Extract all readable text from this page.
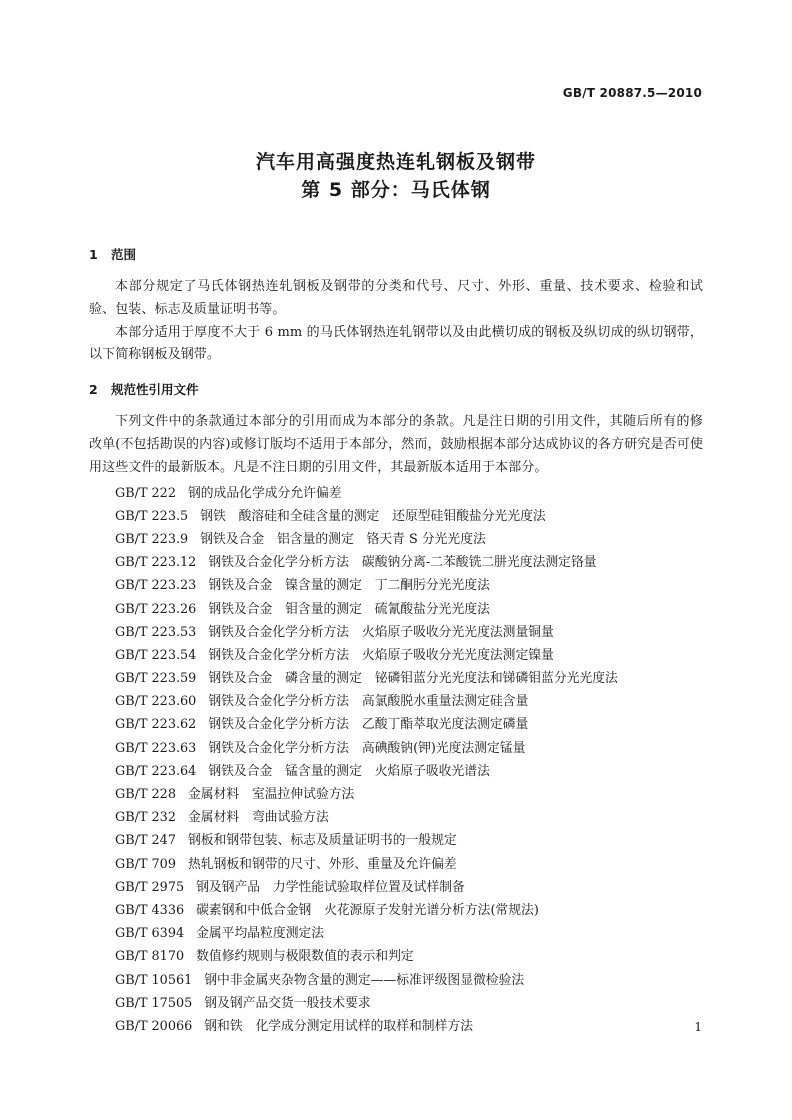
GB/T 20887.5—2010
汽车用高强度热连轧钢板及钢带
第 5 部分：马氏体钢
1 范围
本部分规定了马氏体钢热连轧钢板及钢带的分类和代号、尺寸、外形、重量、技术要求、检验和试验、包装、标志及质量证明书等。
本部分适用于厚度不大于 6 mm 的马氏体钢热连轧钢带以及由此横切成的钢板及纵切成的纵切钢带，以下简称钢板及钢带。
2 规范性引用文件
下列文件中的条款通过本部分的引用而成为本部分的条款。凡是注日期的引用文件，其随后所有的修改单(不包括勘误的内容)或修订版均不适用于本部分，然而，鼓励根据本部分达成协议的各方研究是否可使用这些文件的最新版本。凡是不注日期的引用文件，其最新版本适用于本部分。
GB/T 222 钢的成品化学成分允许偏差
GB/T 223.5 钢铁　酸溶硅和全硅含量的测定　还原型硅钼酸盐分光光度法
GB/T 223.9 钢铁及合金　铝含量的测定　铬天青 S 分光光度法
GB/T 223.12 钢铁及合金化学分析方法　碳酸钠分离-二苯酸铣二肼光度法测定铬量
GB/T 223.23 钢铁及合金　镍含量的测定　丁二酮肟分光光度法
GB/T 223.26 钢铁及合金　钼含量的测定　硫氰酸盐分光光度法
GB/T 223.53 钢铁及合金化学分析方法　火焰原子吸收分光光度法测量铜量
GB/T 223.54 钢铁及合金化学分析方法　火焰原子吸收分光光度法测定镍量
GB/T 223.59 钢铁及合金　磷含量的测定　铋磷钼蓝分光光度法和锑磷钼蓝分光光度法
GB/T 223.60 钢铁及合金化学分析方法　高氯酸脱水重量法测定硅含量
GB/T 223.62 钢铁及合金化学分析方法　乙酸丁酯萃取光度法测定磷量
GB/T 223.63 钢铁及合金化学分析方法　高碘酸钠(钾)光度法测定锰量
GB/T 223.64 钢铁及合金　锰含量的测定　火焰原子吸收光谱法
GB/T 228 金属材料　室温拉伸试验方法
GB/T 232 金属材料　弯曲试验方法
GB/T 247 钢板和钢带包装、标志及质量证明书的一般规定
GB/T 709 热轧钢板和钢带的尺寸、外形、重量及允许偏差
GB/T 2975 钢及钢产品　力学性能试验取样位置及试样制备
GB/T 4336 碳素钢和中低合金钢　火花源原子发射光谱分析方法(常规法)
GB/T 6394 金属平均晶粒度测定法
GB/T 8170 数值修约规则与极限数值的表示和判定
GB/T 10561 钢中非金属夹杂物含量的测定——标准评级图显微检验法
GB/T 17505 钢及钢产品交货一般技术要求
GB/T 20066 钢和铁　化学成分测定用试样的取样和制样方法	1
